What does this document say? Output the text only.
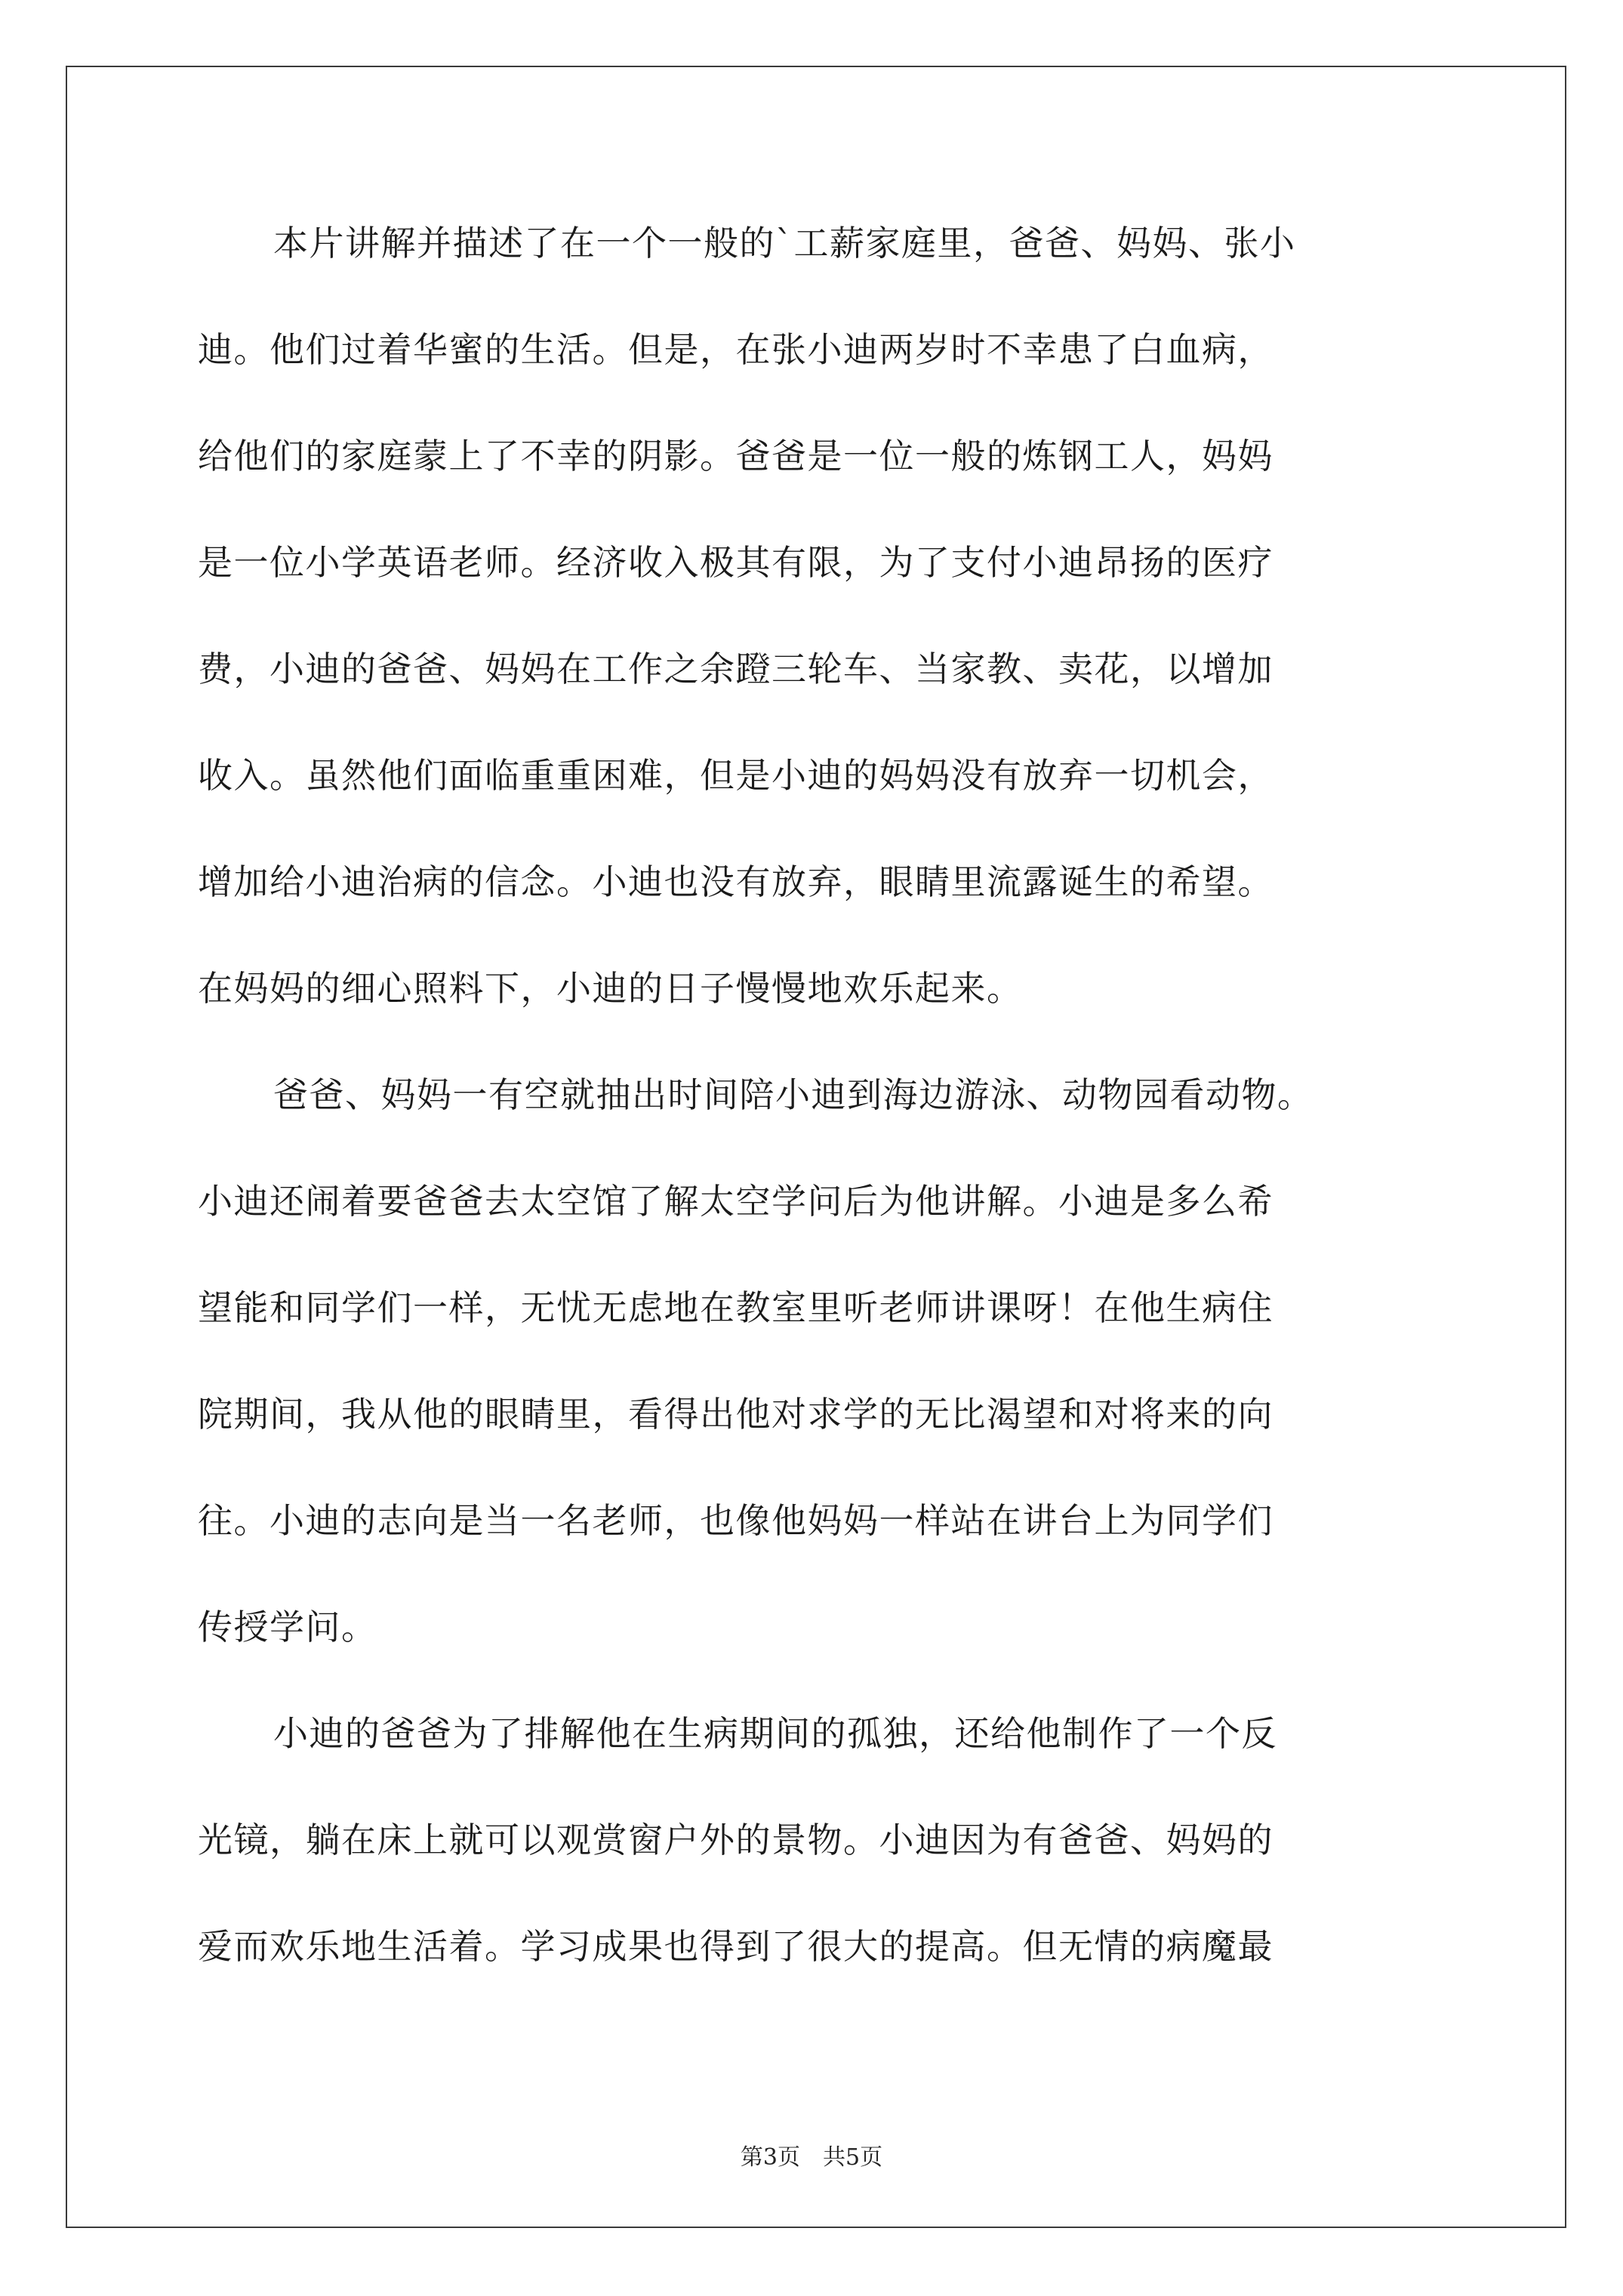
本片讲解并描述了在一个一般的`工薪家庭里，爸爸、妈妈、张小
迪。他们过着华蜜的生活。但是，在张小迪两岁时不幸患了白血病，
给他们的家庭蒙上了不幸的阴影。爸爸是一位一般的炼钢工人，妈妈
是一位小学英语老师。经济收入极其有限，为了支付小迪昂扬的医疗
费，小迪的爸爸、妈妈在工作之余蹬三轮车、当家教、卖花，以增加
收入。虽然他们面临重重困难，但是小迪的妈妈没有放弃一切机会，
增加给小迪治病的信念。小迪也没有放弃，眼睛里流露诞生的希望。
在妈妈的细心照料下，小迪的日子慢慢地欢乐起来。
爸爸、妈妈一有空就抽出时间陪小迪到海边游泳、动物园看动物。
小迪还闹着要爸爸去太空馆了解太空学问后为他讲解。小迪是多么希
望能和同学们一样，无忧无虑地在教室里听老师讲课呀！在他生病住
院期间，我从他的眼睛里，看得出他对求学的无比渴望和对将来的向
往。小迪的志向是当一名老师，也像他妈妈一样站在讲台上为同学们
传授学问。
小迪的爸爸为了排解他在生病期间的孤独，还给他制作了一个反
光镜，躺在床上就可以观赏窗户外的景物。小迪因为有爸爸、妈妈的
爱而欢乐地生活着。学习成果也得到了很大的提高。但无情的病魔最
第3页 共5页
